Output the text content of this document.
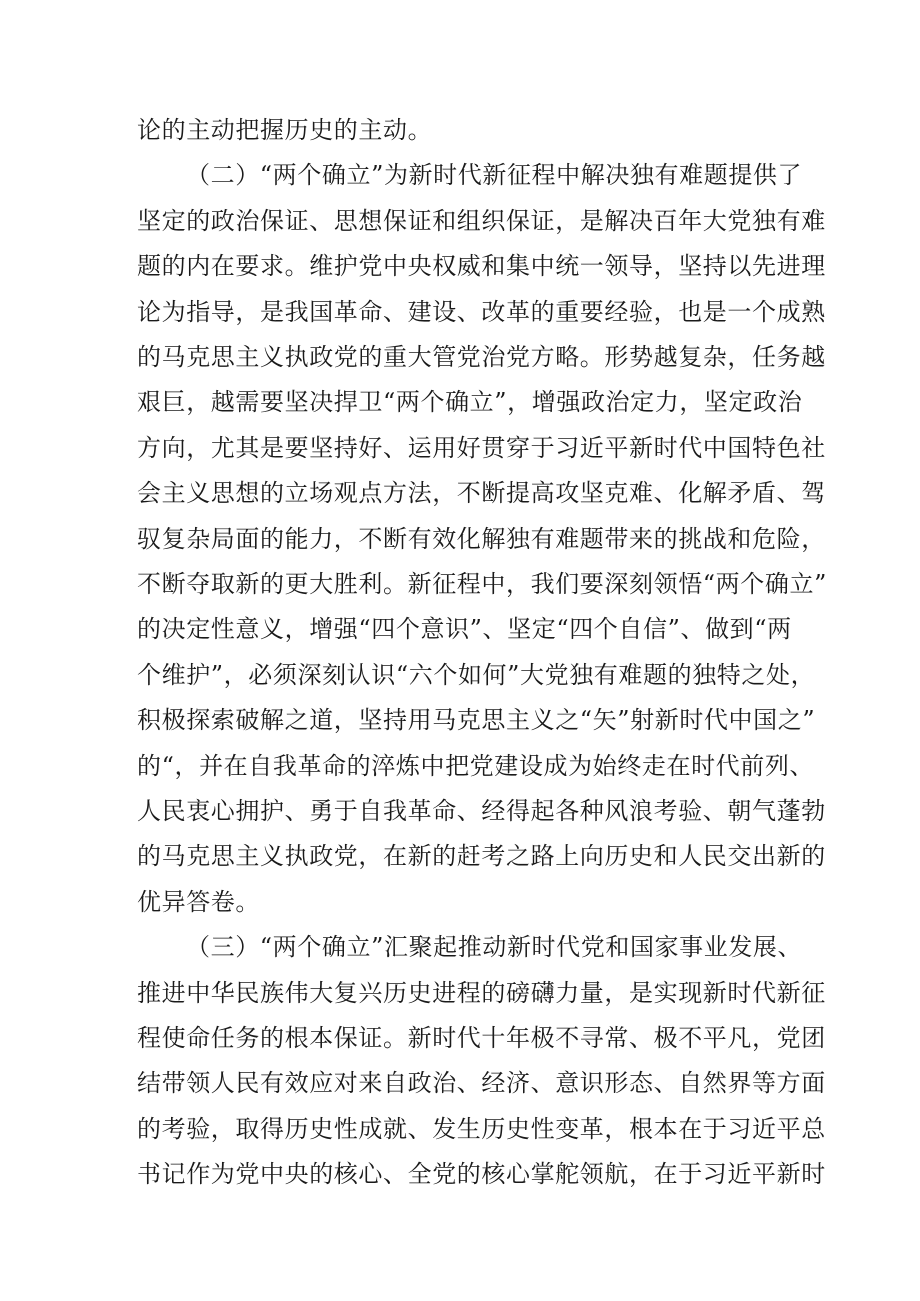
论的主动把握历史的主动。
（二）“两个确立”为新时代新征程中解决独有难题提供了
坚定的政治保证、思想保证和组织保证，是解决百年大党独有难
题的内在要求。维护党中央权威和集中统一领导，坚持以先进理
论为指导，是我国革命、建设、改革的重要经验，也是一个成熟
的马克思主义执政党的重大管党治党方略。形势越复杂，任务越
艰巨，越需要坚决捍卫“两个确立”，增强政治定力，坚定政治
方向，尤其是要坚持好、运用好贯穿于习近平新时代中国特色社
会主义思想的立场观点方法，不断提高攻坚克难、化解矛盾、驾
驭复杂局面的能力，不断有效化解独有难题带来的挑战和危险，
不断夺取新的更大胜利。新征程中，我们要深刻领悟“两个确立”
的决定性意义，增强“四个意识”、坚定“四个自信”、做到“两
个维护”，必须深刻认识“六个如何”大党独有难题的独特之处，
积极探索破解之道，坚持用马克思主义之“矢”射新时代中国之”
的“，并在自我革命的淬炼中把党建设成为始终走在时代前列、
人民衷心拥护、勇于自我革命、经得起各种风浪考验、朝气蓬勃
的马克思主义执政党，在新的赶考之路上向历史和人民交出新的
优异答卷。
（三）“两个确立”汇聚起推动新时代党和国家事业发展、
推进中华民族伟大复兴历史进程的磅礴力量，是实现新时代新征
程使命任务的根本保证。新时代十年极不寻常、极不平凡，党团
结带领人民有效应对来自政治、经济、意识形态、自然界等方面
的考验，取得历史性成就、发生历史性变革，根本在于习近平总
书记作为党中央的核心、全党的核心掌舵领航，在于习近平新时
